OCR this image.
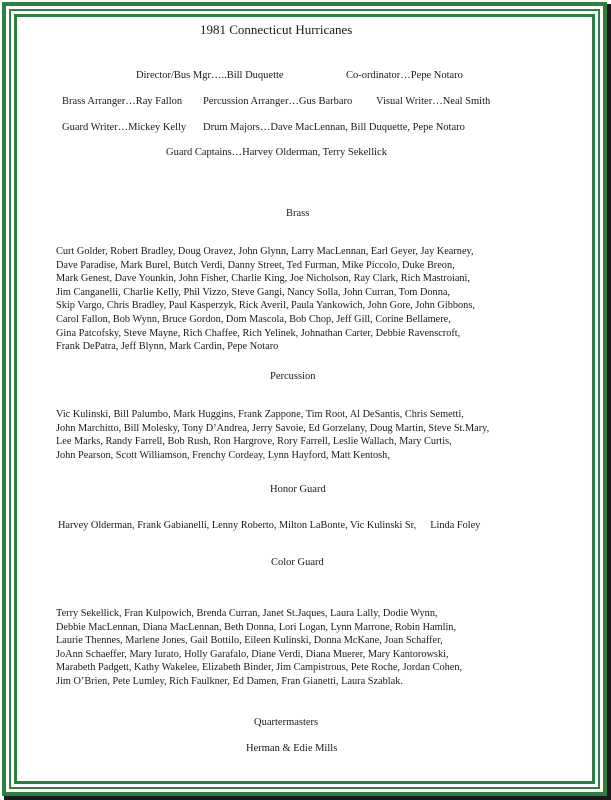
1981 Connecticut Hurricanes
Director/Bus Mgr…..Bill Duquette	Co-ordinator…Pepe Notaro
Brass Arranger…Ray Fallon Percussion Arranger…Gus Barbaro Visual Writer…Neal Smith
Guard Writer…Mickey Kelly Drum Majors…Dave MacLennan, Bill Duquette, Pepe Notaro
Guard Captains…Harvey Olderman, Terry Sekellick
Brass
Curt Golder, Robert Bradley, Doug Oravez, John Glynn, Larry MacLennan, Earl Geyer, Jay Kearney,
Dave Paradise, Mark Burel, Butch Verdi, Danny Street, Ted Furman, Mike Piccolo, Duke Breon,
Mark Genest, Dave Younkin, John Fisher, Charlie King, Joe Nicholson, Ray Clark, Rich Mastroiani,
Jim Canganelli, Charlie Kelly, Phil Vizzo, Steve Gangi, Nancy Solla, John Curran, Tom Donna,
Skip Vargo, Chris Bradley, Paul Kasperzyk, Rick Averil, Paula Yankowich, John Gore, John Gibbons,
Carol Fallon, Bob Wynn, Bruce Gordon, Dom Mascola, Bob Chop, Jeff Gill, Corine Bellamere,
Gina Patcofsky, Steve Mayne, Rich Chaffee, Rich Yelinek, Johnathan Carter, Debbie Ravenscroft,
Frank DePatra, Jeff Blynn, Mark Cardin, Pepe Notaro
Percussion
Vic Kulinski, Bill Palumbo, Mark Huggins, Frank Zappone, Tim Root, Al DeSantis, Chris Semetti,
John Marchitto, Bill Molesky, Tony D’Andrea, Jerry Savoie, Ed Gorzelany, Doug Martin, Steve St.Mary,
Lee Marks, Randy Farrell, Bob Rush, Ron Hargrove, Rory Farrell, Leslie Wallach, Mary Curtis,
John Pearson, Scott Williamson, Frenchy Cordeay, Lynn Hayford, Matt Kentosh,
Honor Guard
Harvey Olderman, Frank Gabianelli, Lenny Roberto, Milton LaBonte, Vic Kulinski Sr, Linda Foley
Color Guard
Terry Sekellick, Fran Kulpowich, Brenda Curran, Janet St.Jaques, Laura Lally, Dodie Wynn,
Debbie MacLennan, Diana MacLennan, Beth Donna, Lori Logan, Lynn Marrone, Robin Hamlin,
Laurie Thennes, Marlene Jones, Gail Bottilo, Eileen Kulinski, Donna McKane, Joan Schaffer,
JoAnn Schaeffer, Mary Iurato, Holly Garafalo, Diane Verdi, Diana Muerer, Mary Kantorowski,
Marabeth Padgett, Kathy Wakelee, Elizabeth Binder, Jim Campistrous, Pete Roche, Jordan Cohen,
Jim O’Brien, Pete Lumley, Rich Faulkner, Ed Damen, Fran Gianetti, Laura Szablak.
Quartermasters
Herman & Edie Mills
